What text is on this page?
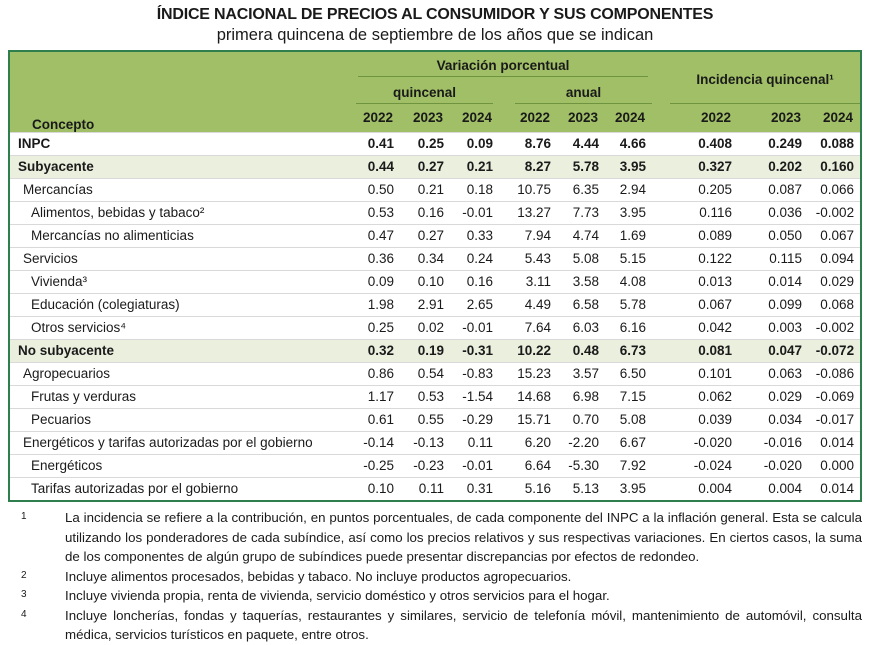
ÍNDICE NACIONAL DE PRECIOS AL CONSUMIDOR Y SUS COMPONENTES
primera quincena de septiembre de los años que se indican
Concepto	Variación porcentual						Incidencia quincenal¹		

	quincenal			anual					

	2022	2023	2024	2022	2023	2024	2022	2023	2024
INPC	0.41	0.25	0.09	8.76	4.44	4.66	0.408	0.249	0.088
Subyacente	0.44	0.27	0.21	8.27	5.78	3.95	0.327	0.202	0.160
Mercancías	0.50	0.21	0.18	10.75	6.35	2.94	0.205	0.087	0.066
Alimentos, bebidas y tabaco²	0.53	0.16	-0.01	13.27	7.73	3.95	0.116	0.036	-0.002
Mercancías no alimenticias	0.47	0.27	0.33	7.94	4.74	1.69	0.089	0.050	0.067
Servicios	0.36	0.34	0.24	5.43	5.08	5.15	0.122	0.115	0.094
Vivienda³	0.09	0.10	0.16	3.11	3.58	4.08	0.013	0.014	0.029
Educación (colegiaturas)	1.98	2.91	2.65	4.49	6.58	5.78	0.067	0.099	0.068
Otros servicios⁴	0.25	0.02	-0.01	7.64	6.03	6.16	0.042	0.003	-0.002
No subyacente	0.32	0.19	-0.31	10.22	0.48	6.73	0.081	0.047	-0.072
Agropecuarios	0.86	0.54	-0.83	15.23	3.57	6.50	0.101	0.063	-0.086
Frutas y verduras	1.17	0.53	-1.54	14.68	6.98	7.15	0.062	0.029	-0.069
Pecuarios	0.61	0.55	-0.29	15.71	0.70	5.08	0.039	0.034	-0.017
Energéticos y tarifas autorizadas por el gobierno	-0.14	-0.13	0.11	6.20	-2.20	6.67	-0.020	-0.016	0.014
Energéticos	-0.25	-0.23	-0.01	6.64	-5.30	7.92	-0.024	-0.020	0.000
Tarifas autorizadas por el gobierno	0.10	0.11	0.31	5.16	5.13	3.95	0.004	0.004	0.014
1	La incidencia se refiere a la contribución, en puntos porcentuales, de cada componente del INPC a la inflación general. Esta se calcula utilizando los ponderadores de cada subíndice, así como los precios relativos y sus respectivas variaciones. En ciertos casos, la suma de los componentes de algún grupo de subíndices puede presentar discrepancias por efectos de redondeo.
2	Incluye alimentos procesados, bebidas y tabaco. No incluye productos agropecuarios.
3	Incluye vivienda propia, renta de vivienda, servicio doméstico y otros servicios para el hogar.
4	Incluye loncherías, fondas y taquerías, restaurantes y similares, servicio de telefonía móvil, mantenimiento de automóvil, consulta médica, servicios turísticos en paquete, entre otros.
